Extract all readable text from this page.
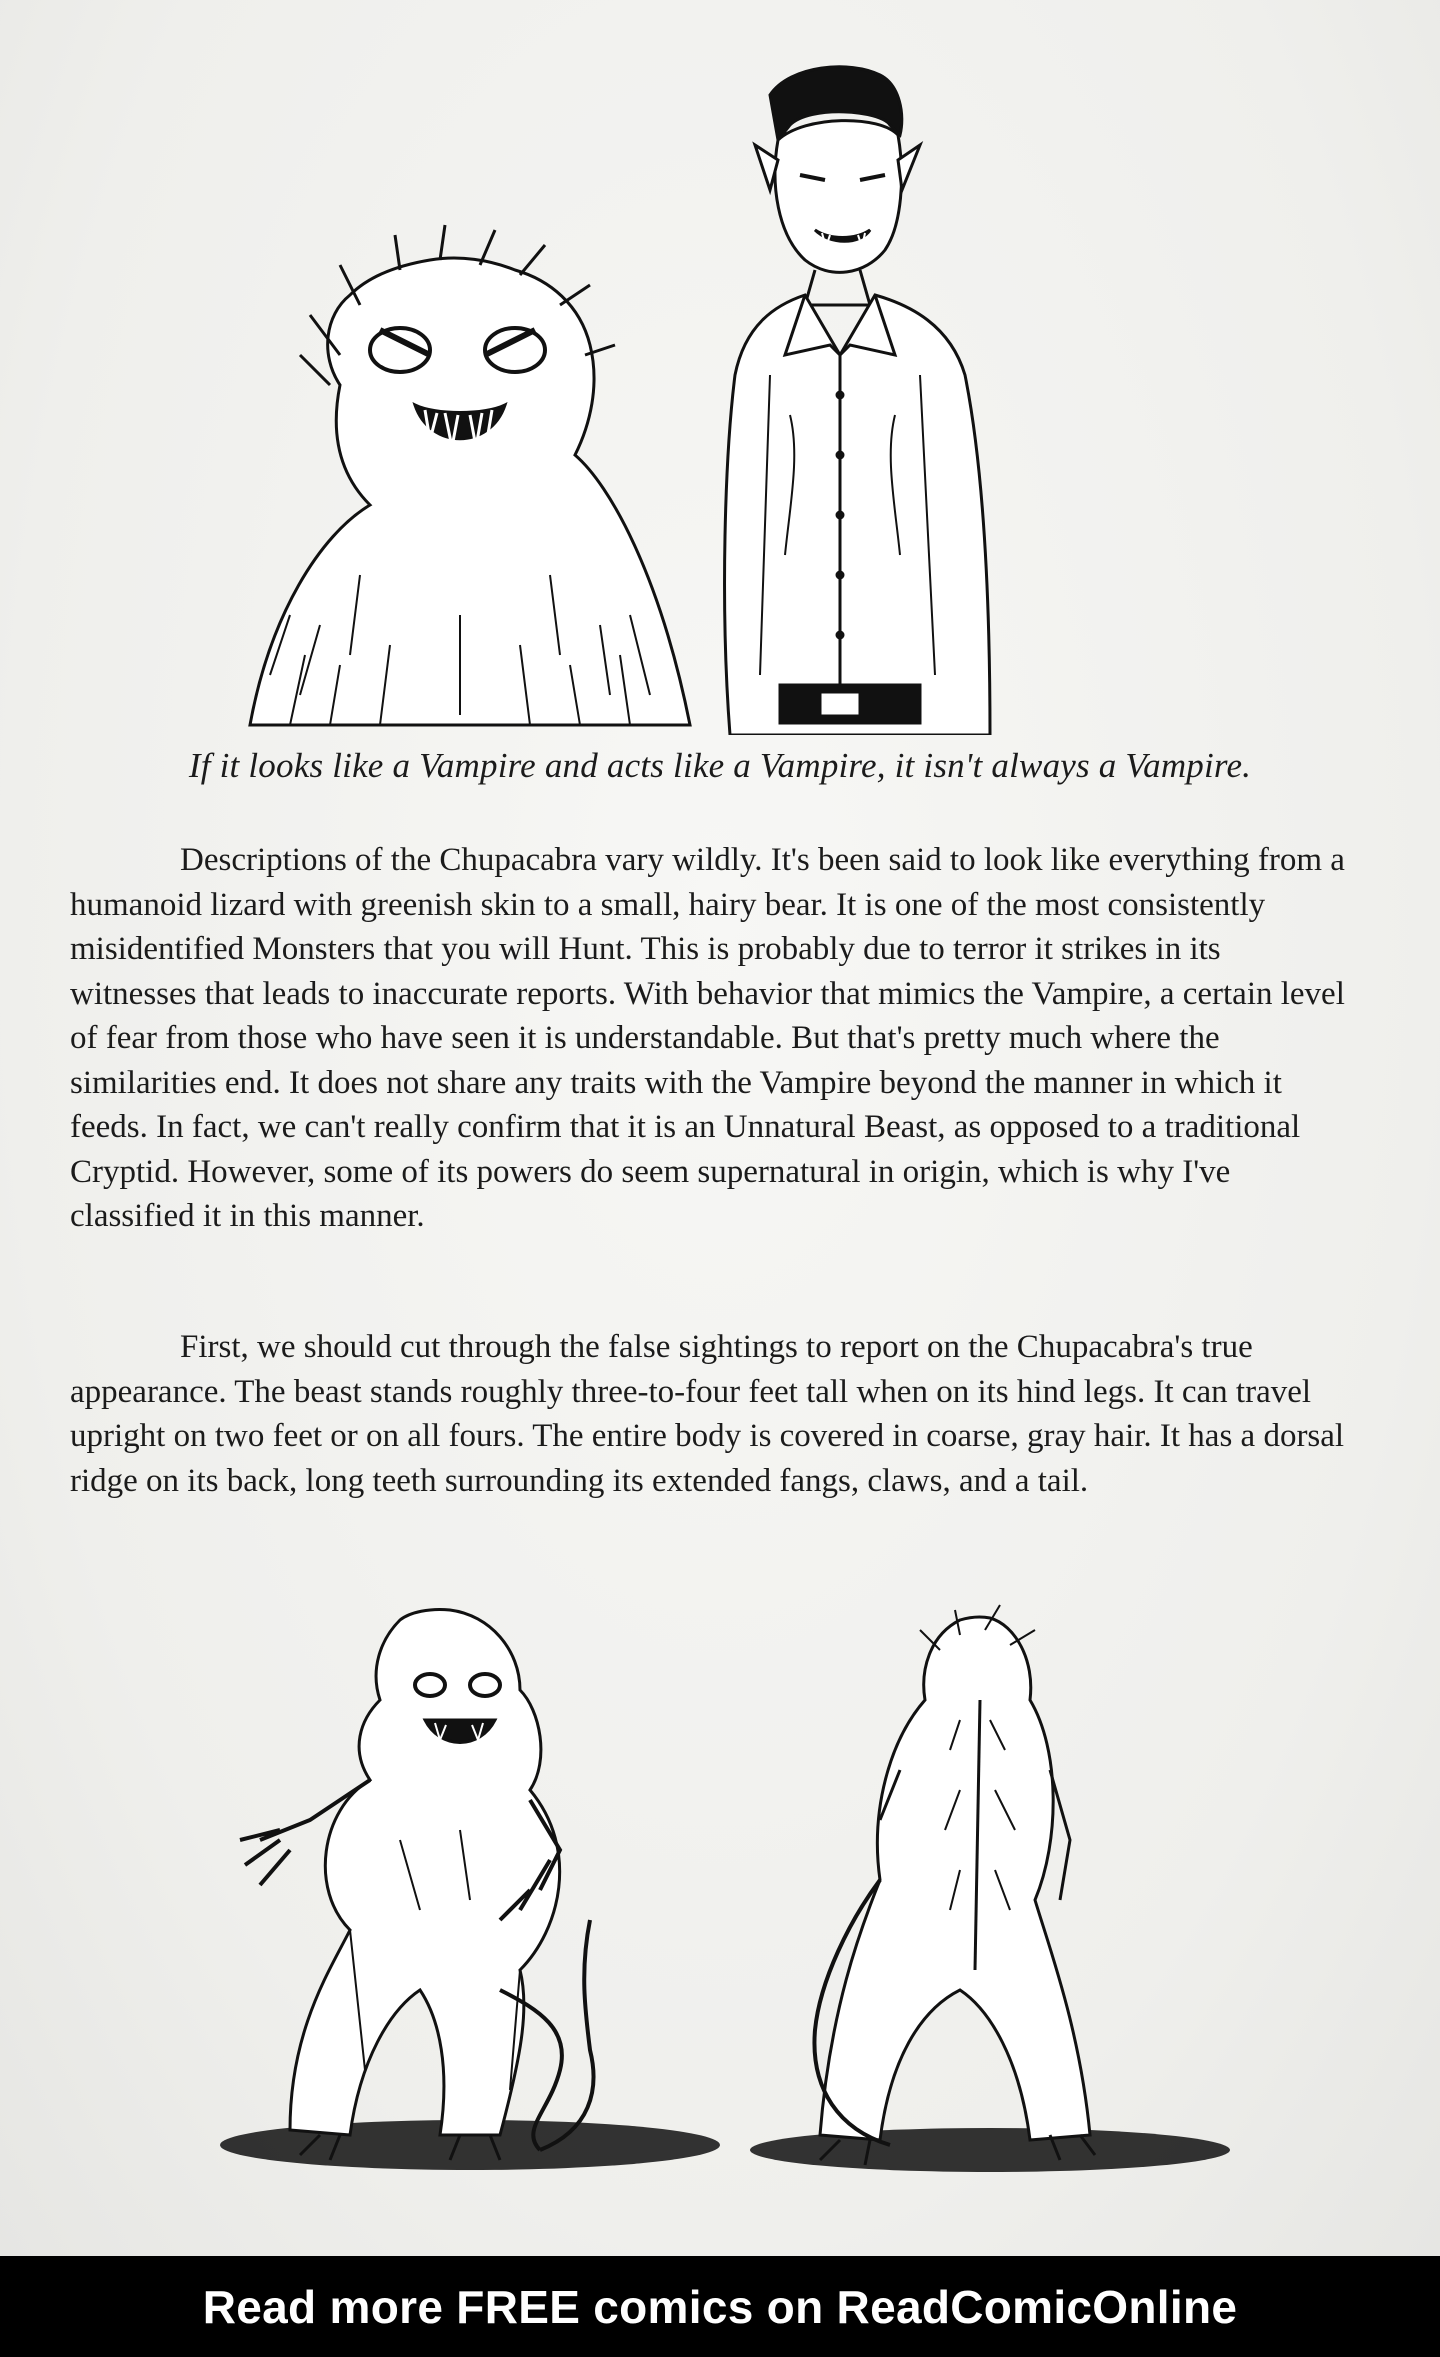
If it looks like a Vampire and acts like a Vampire, it isn't always a Vampire.

Descriptions of the Chupacabra vary wildly. It's been said to look like everything from a humanoid lizard with greenish skin to a small, hairy bear. It is one of the most consistently misidentified Monsters that you will Hunt. This is probably due to terror it strikes in its witnesses that leads to inaccurate reports. With behavior that mimics the Vampire, a certain level of fear from those who have seen it is understandable. But that's pretty much where the similarities end. It does not share any traits with the Vampire beyond the manner in which it feeds. In fact, we can't really confirm that it is an Unnatural Beast, as opposed to a traditional Cryptid. However, some of its powers do seem supernatural in origin, which is why I've classified it in this manner.

First, we should cut through the false sightings to report on the Chupacabra's true appearance. The beast stands roughly three-to-four feet tall when on its hind legs. It can travel upright on two feet or on all fours. The entire body is covered in coarse, gray hair. It has a dorsal ridge on its back, long teeth surrounding its extended fangs, claws, and a tail.

Read more FREE comics on ReadComicOnline
